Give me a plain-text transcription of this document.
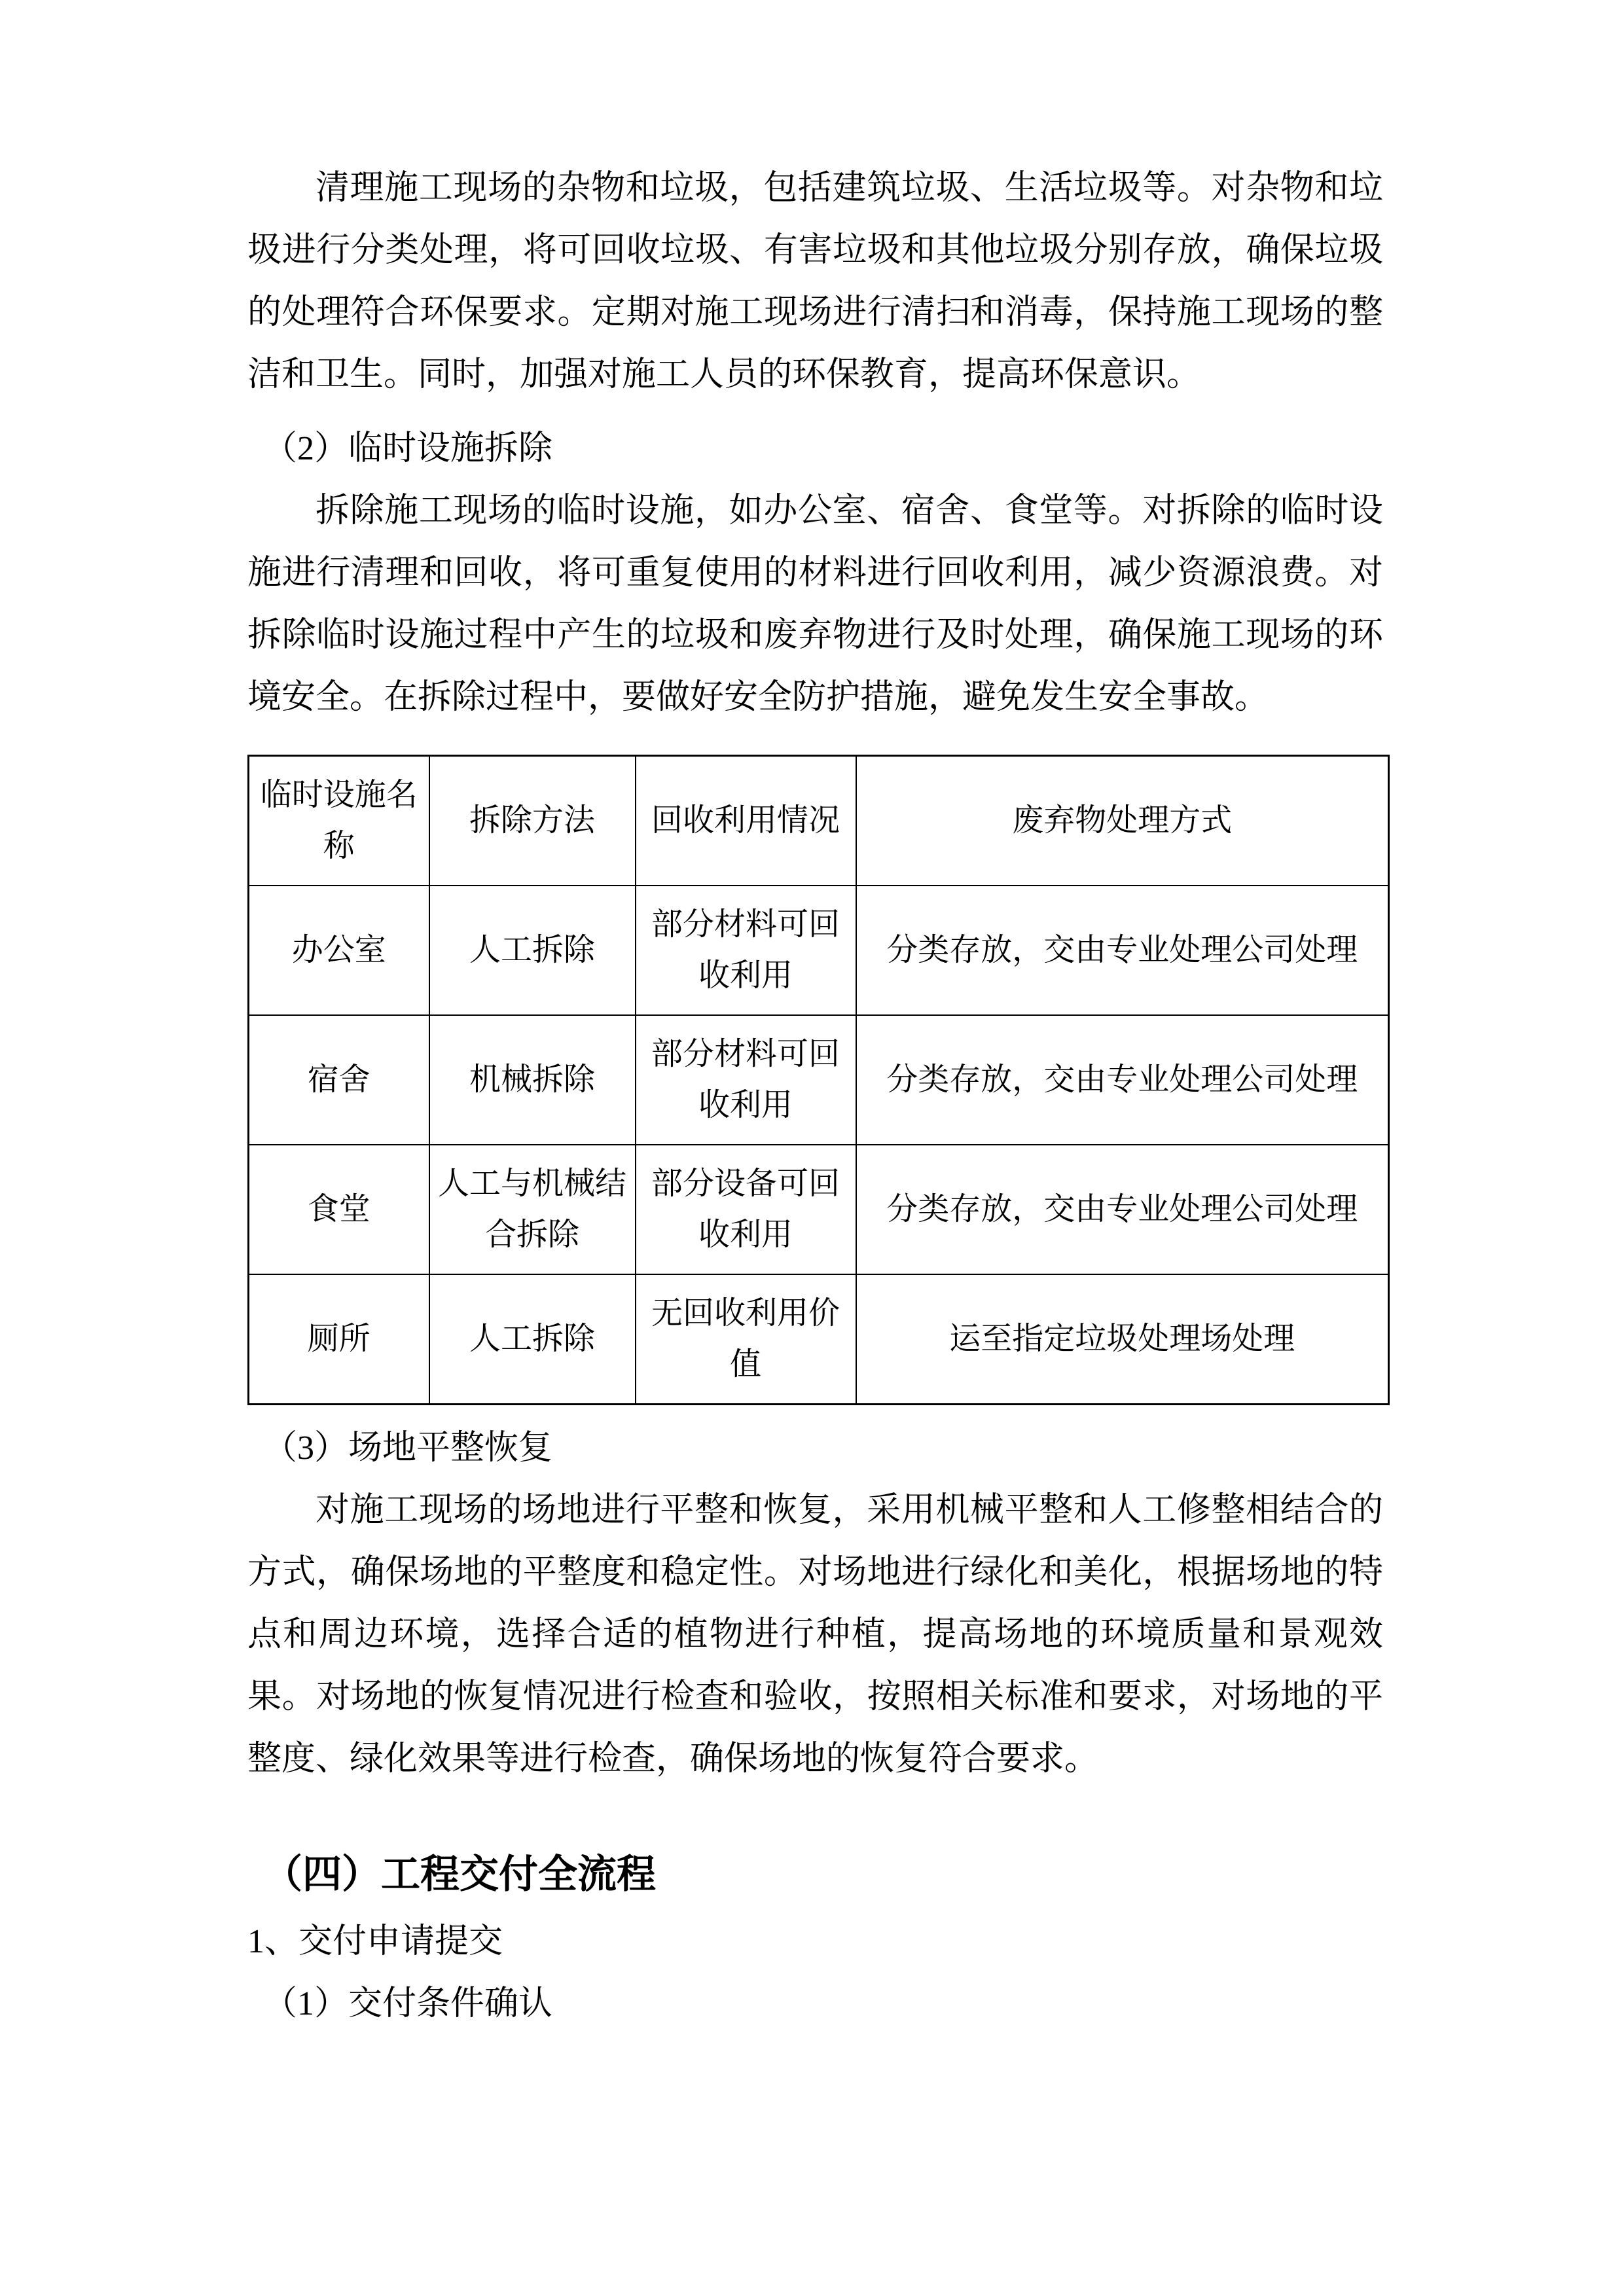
清理施工现场的杂物和垃圾，包括建筑垃圾、生活垃圾等。对杂物和垃圾进行分类处理，将可回收垃圾、有害垃圾和其他垃圾分别存放，确保垃圾的处理符合环保要求。定期对施工现场进行清扫和消毒，保持施工现场的整洁和卫生。同时，加强对施工人员的环保教育，提高环保意识。

（2）临时设施拆除

拆除施工现场的临时设施，如办公室、宿舍、食堂等。对拆除的临时设施进行清理和回收，将可重复使用的材料进行回收利用，减少资源浪费。对拆除临时设施过程中产生的垃圾和废弃物进行及时处理，确保施工现场的环境安全。在拆除过程中，要做好安全防护措施，避免发生安全事故。

临时设施名称	拆除方法	回收利用情况	废弃物处理方式
办公室	人工拆除	部分材料可回收利用	分类存放，交由专业处理公司处理
宿舍	机械拆除	部分材料可回收利用	分类存放，交由专业处理公司处理
食堂	人工与机械结合拆除	部分设备可回收利用	分类存放，交由专业处理公司处理
厕所	人工拆除	无回收利用价值	运至指定垃圾处理场处理

（3）场地平整恢复

对施工现场的场地进行平整和恢复，采用机械平整和人工修整相结合的方式，确保场地的平整度和稳定性。对场地进行绿化和美化，根据场地的特点和周边环境，选择合适的植物进行种植，提高场地的环境质量和景观效果。对场地的恢复情况进行检查和验收，按照相关标准和要求，对场地的平整度、绿化效果等进行检查，确保场地的恢复符合要求。

（四）工程交付全流程

1、交付申请提交

（1）交付条件确认
